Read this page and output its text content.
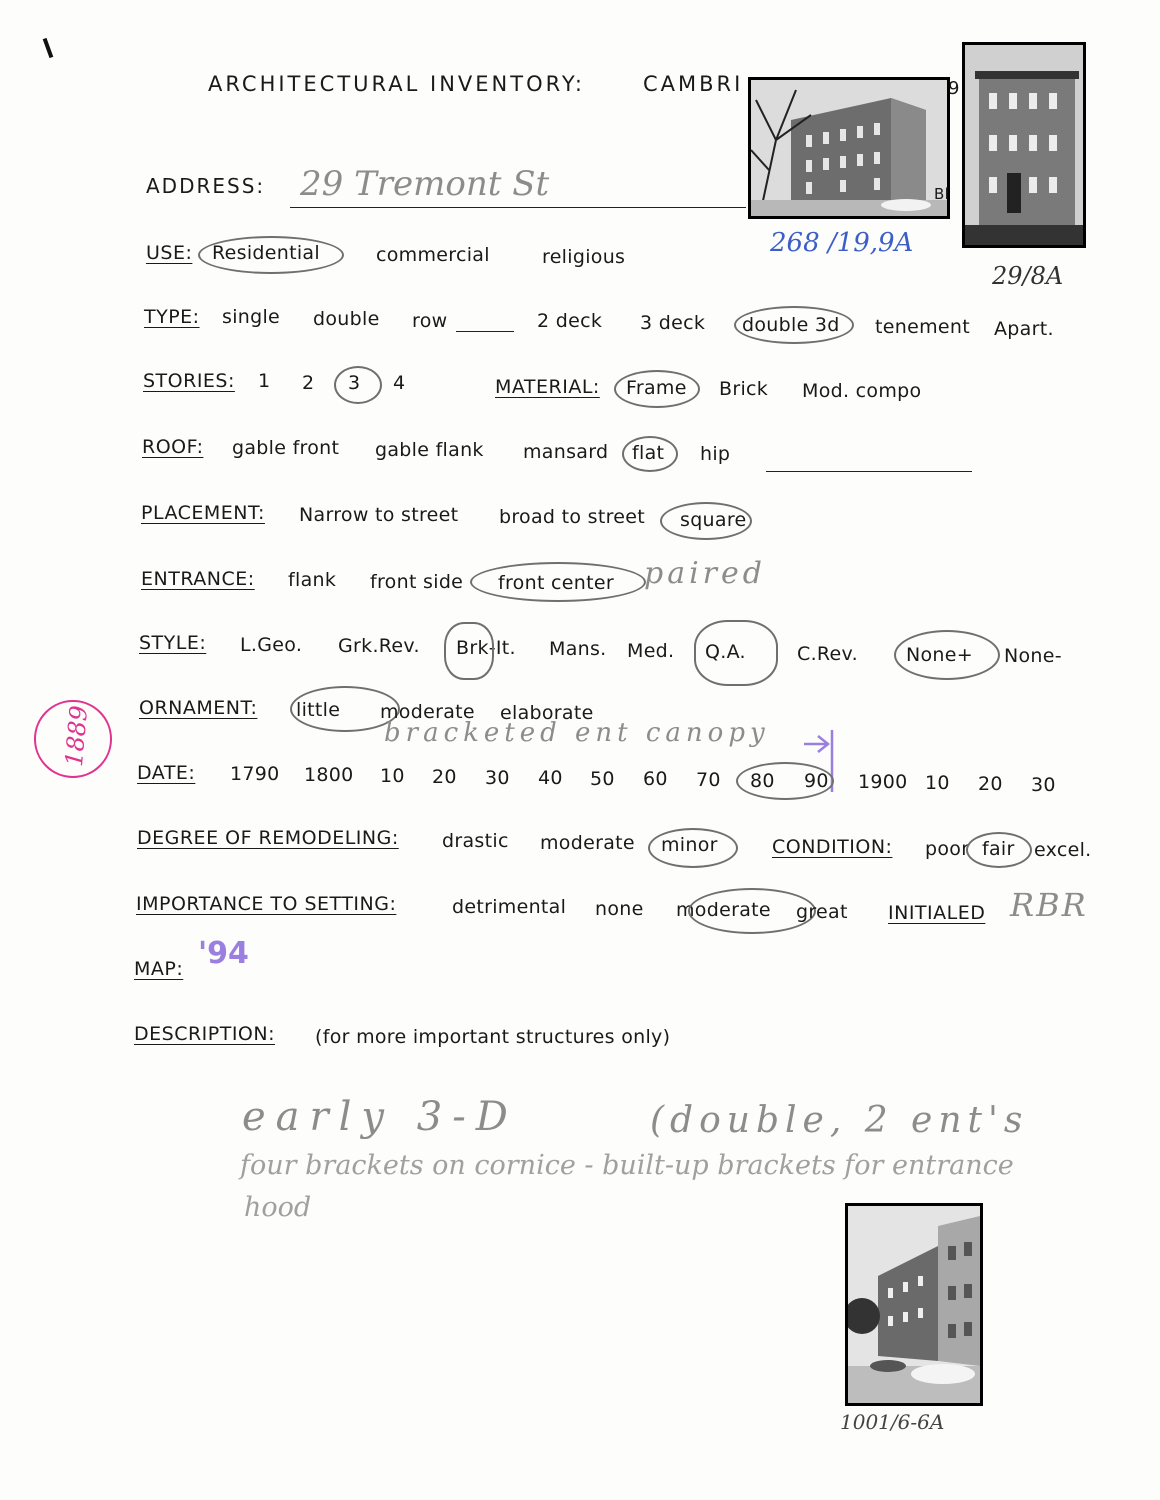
ARCHITECTURAL INVENTORY:	CAMBRI
Bl
ADDRESS: 29 Tremont St
268 /19,9A
29/8A
USE: Residential	commercial	religious
TYPE: single double row	2 deck 3 deck double 3d tenement Apart.
STORIES: 1 2 3 4	MATERIAL: Frame Brick Mod. compo
ROOF: gable front gable flank mansard flat hip
PLACEMENT: Narrow to street broad to street square
ENTRANCE: flank front side front center paired
STYLE: L.Geo. Grk.Rev. Brk-It. Mans. Med. Q.A.	C.Rev.	None+ None-
1889 ORNAMENT: little moderate elaborate
bracketed ent canopy
DATE: 1790 1800 10 20 30 40 50 60 70 80 90 1900 10 20 30
DEGREE OF REMODELING: drastic moderate minor	CONDITION: poor fair excel.
IMPORTANCE TO SETTING:	detrimental none moderate great INITIALED RBR
MAP: '94
DESCRIPTION: (for more important structures only)
early 3-D	(double, 2 ent's
four brackets on cornice - built-up brackets for entrance
hood
1001/6-6A
